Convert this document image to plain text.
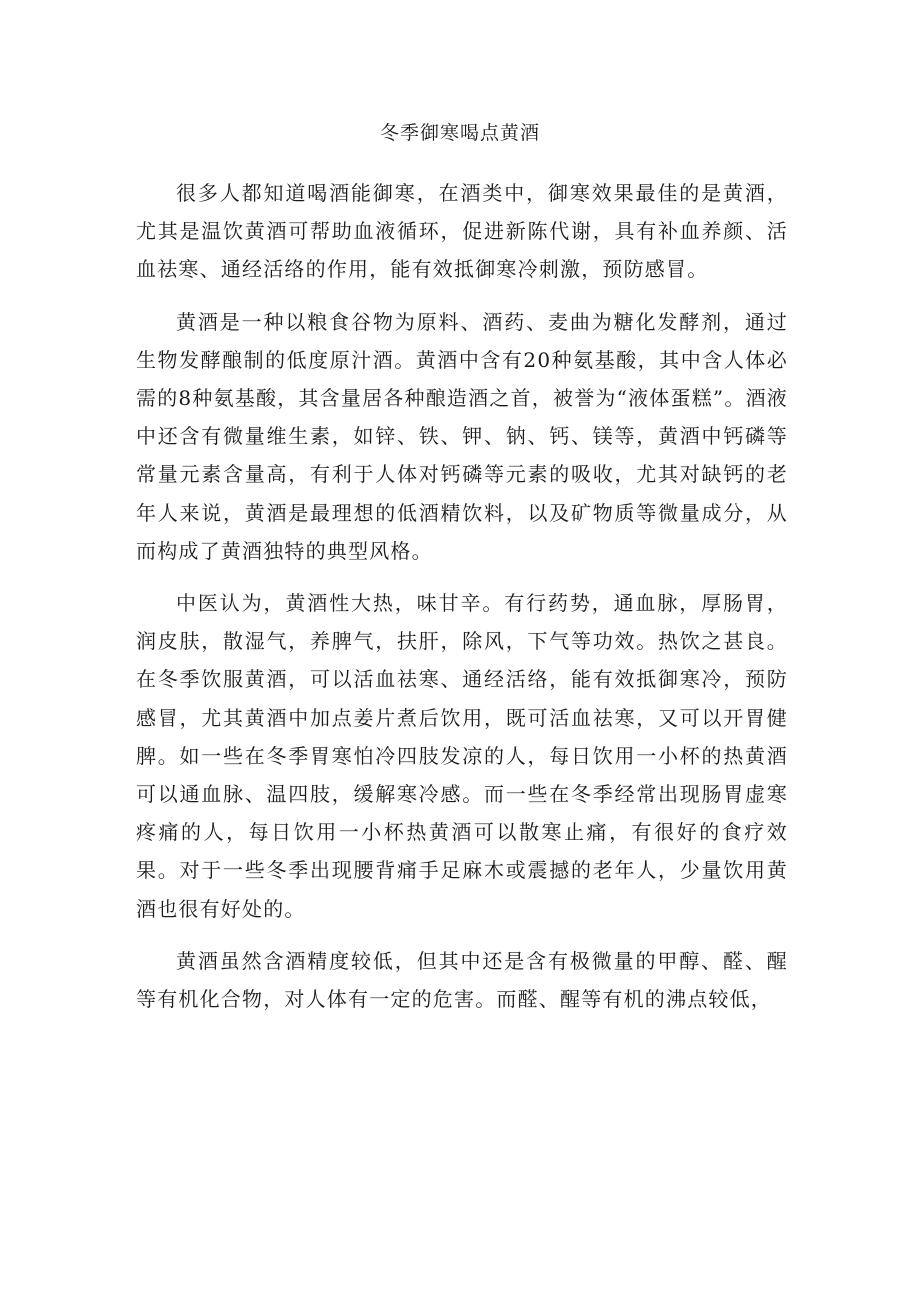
冬季御寒喝点黄酒

很多人都知道喝酒能御寒，在酒类中，御寒效果最佳的是黄酒，尤其是温饮黄酒可帮助血液循环，促进新陈代谢，具有补血养颜、活血祛寒、通经活络的作用，能有效抵御寒冷刺激，预防感冒。

黄酒是一种以粮食谷物为原料、酒药、麦曲为糖化发酵剂，通过生物发酵酿制的低度原汁酒。黄酒中含有20种氨基酸，其中含人体必需的8种氨基酸，其含量居各种酿造酒之首，被誉为“液体蛋糕”。酒液中还含有微量维生素，如锌、铁、钾、钠、钙、镁等，黄酒中钙磷等常量元素含量高，有利于人体对钙磷等元素的吸收，尤其对缺钙的老年人来说，黄酒是最理想的低酒精饮料，以及矿物质等微量成分，从而构成了黄酒独特的典型风格。

中医认为，黄酒性大热，味甘辛。有行药势，通血脉，厚肠胃，润皮肤，散湿气，养脾气，扶肝，除风，下气等功效。热饮之甚良。在冬季饮服黄酒，可以活血祛寒、通经活络，能有效抵御寒冷，预防感冒，尤其黄酒中加点姜片煮后饮用，既可活血祛寒，又可以开胃健脾。如一些在冬季胃寒怕冷四肢发凉的人，每日饮用一小杯的热黄酒可以通血脉、温四肢，缓解寒冷感。而一些在冬季经常出现肠胃虚寒疼痛的人，每日饮用一小杯热黄酒可以散寒止痛，有很好的食疗效果。对于一些冬季出现腰背痛手足麻木或震撼的老年人，少量饮用黄酒也很有好处的。

黄酒虽然含酒精度较低，但其中还是含有极微量的甲醇、醛、醒等有机化合物，对人体有一定的危害。而醛、醒等有机的沸点较低，
